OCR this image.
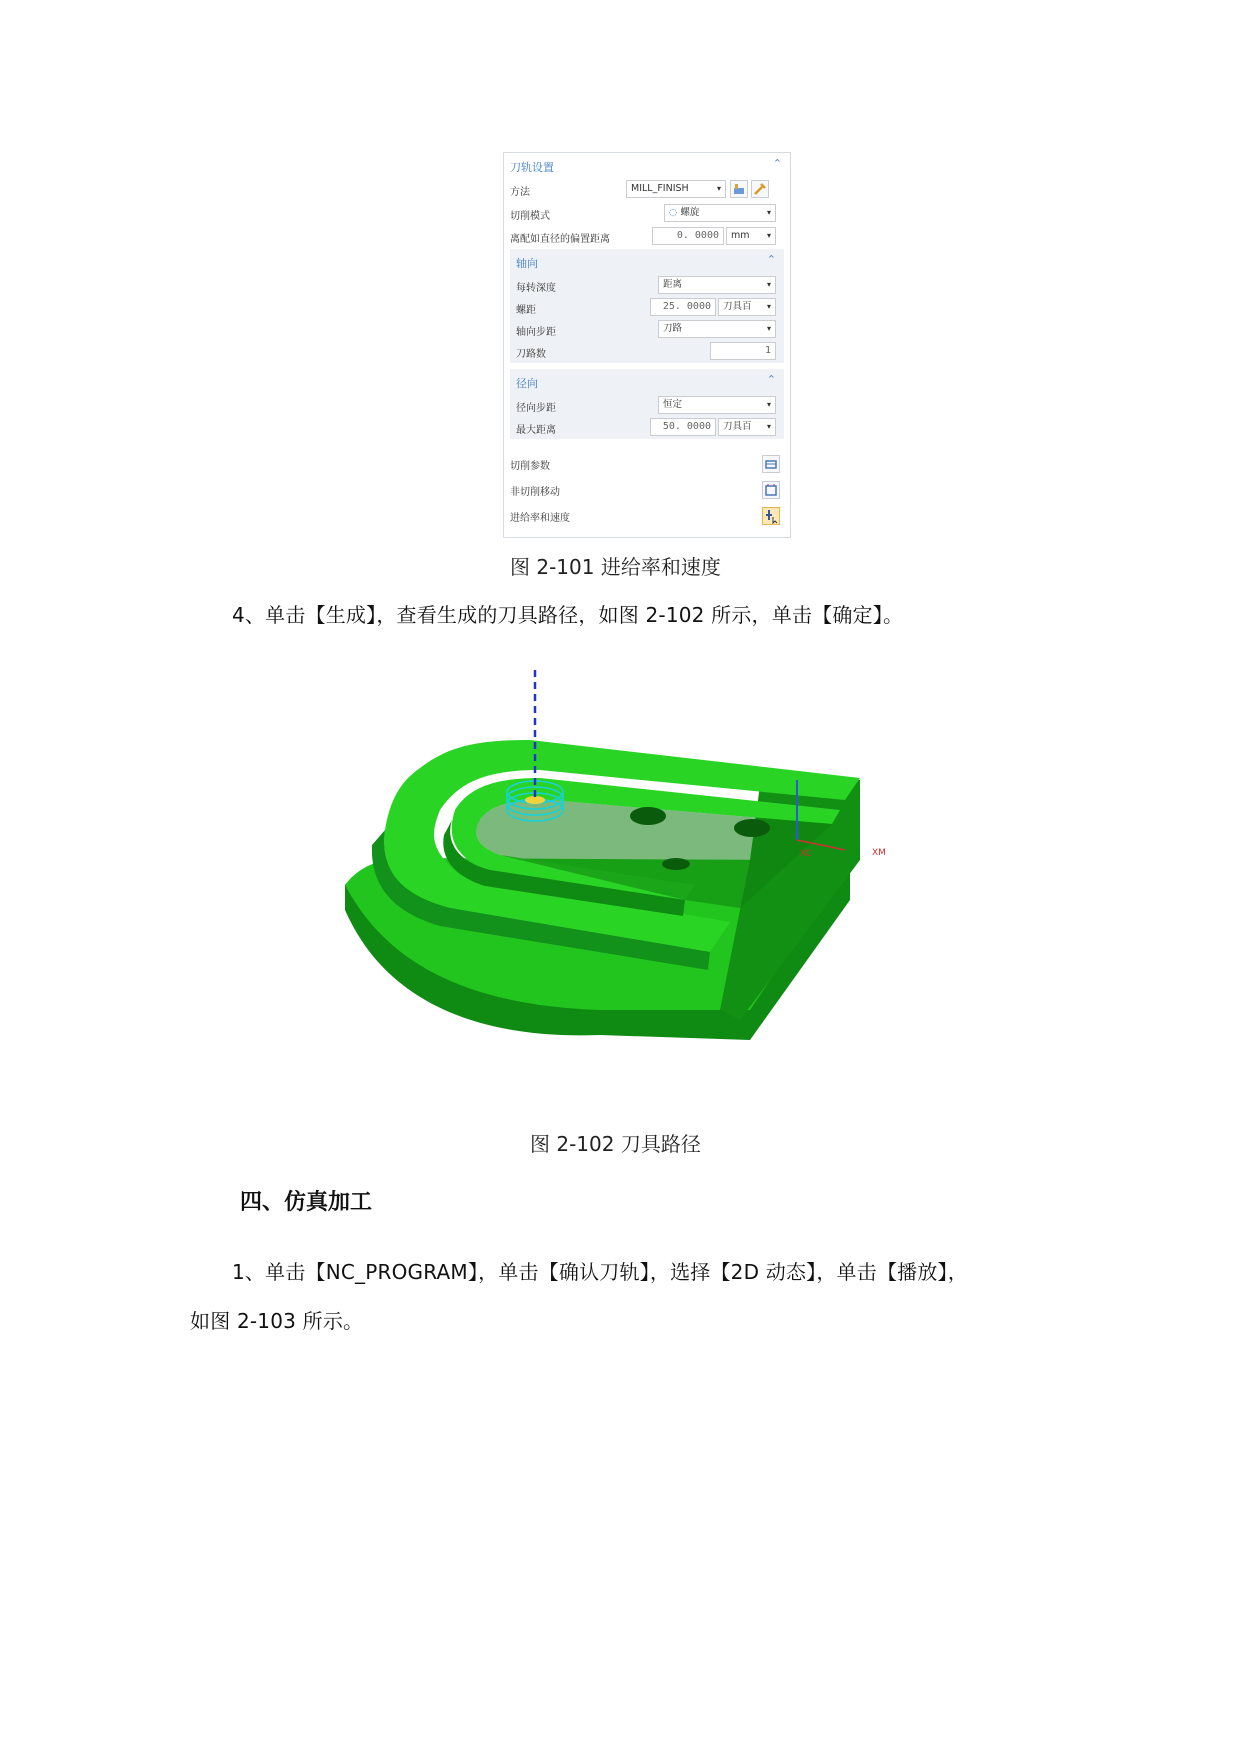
刀轨设置	⌃
方法	MILL_FINISH	▾
切削模式	◌ 螺旋	▾
离配如直径的偏置距离	0. 0000	mm ▾
轴向	⌃
每转深度	距离	▾
螺距	25. 0000	刀具百 ▾
轴向步距	刀路	▾
刀路数	1
径向	⌃
径向步距	恒定	▾
最大距离	50. 0000	刀具百 ▾
切削参数
非切削移动
进给率和速度
图 2-101 进给率和速度
4、单击【生成】，查看生成的刀具路径，如图 2-102 所示，单击【确定】。
XC	XM
图 2-102 刀具路径
四、仿真加工
1、单击【NC_PROGRAM】，单击【确认刀轨】，选择【2D 动态】，单击【播放】，
如图 2-103 所示。
